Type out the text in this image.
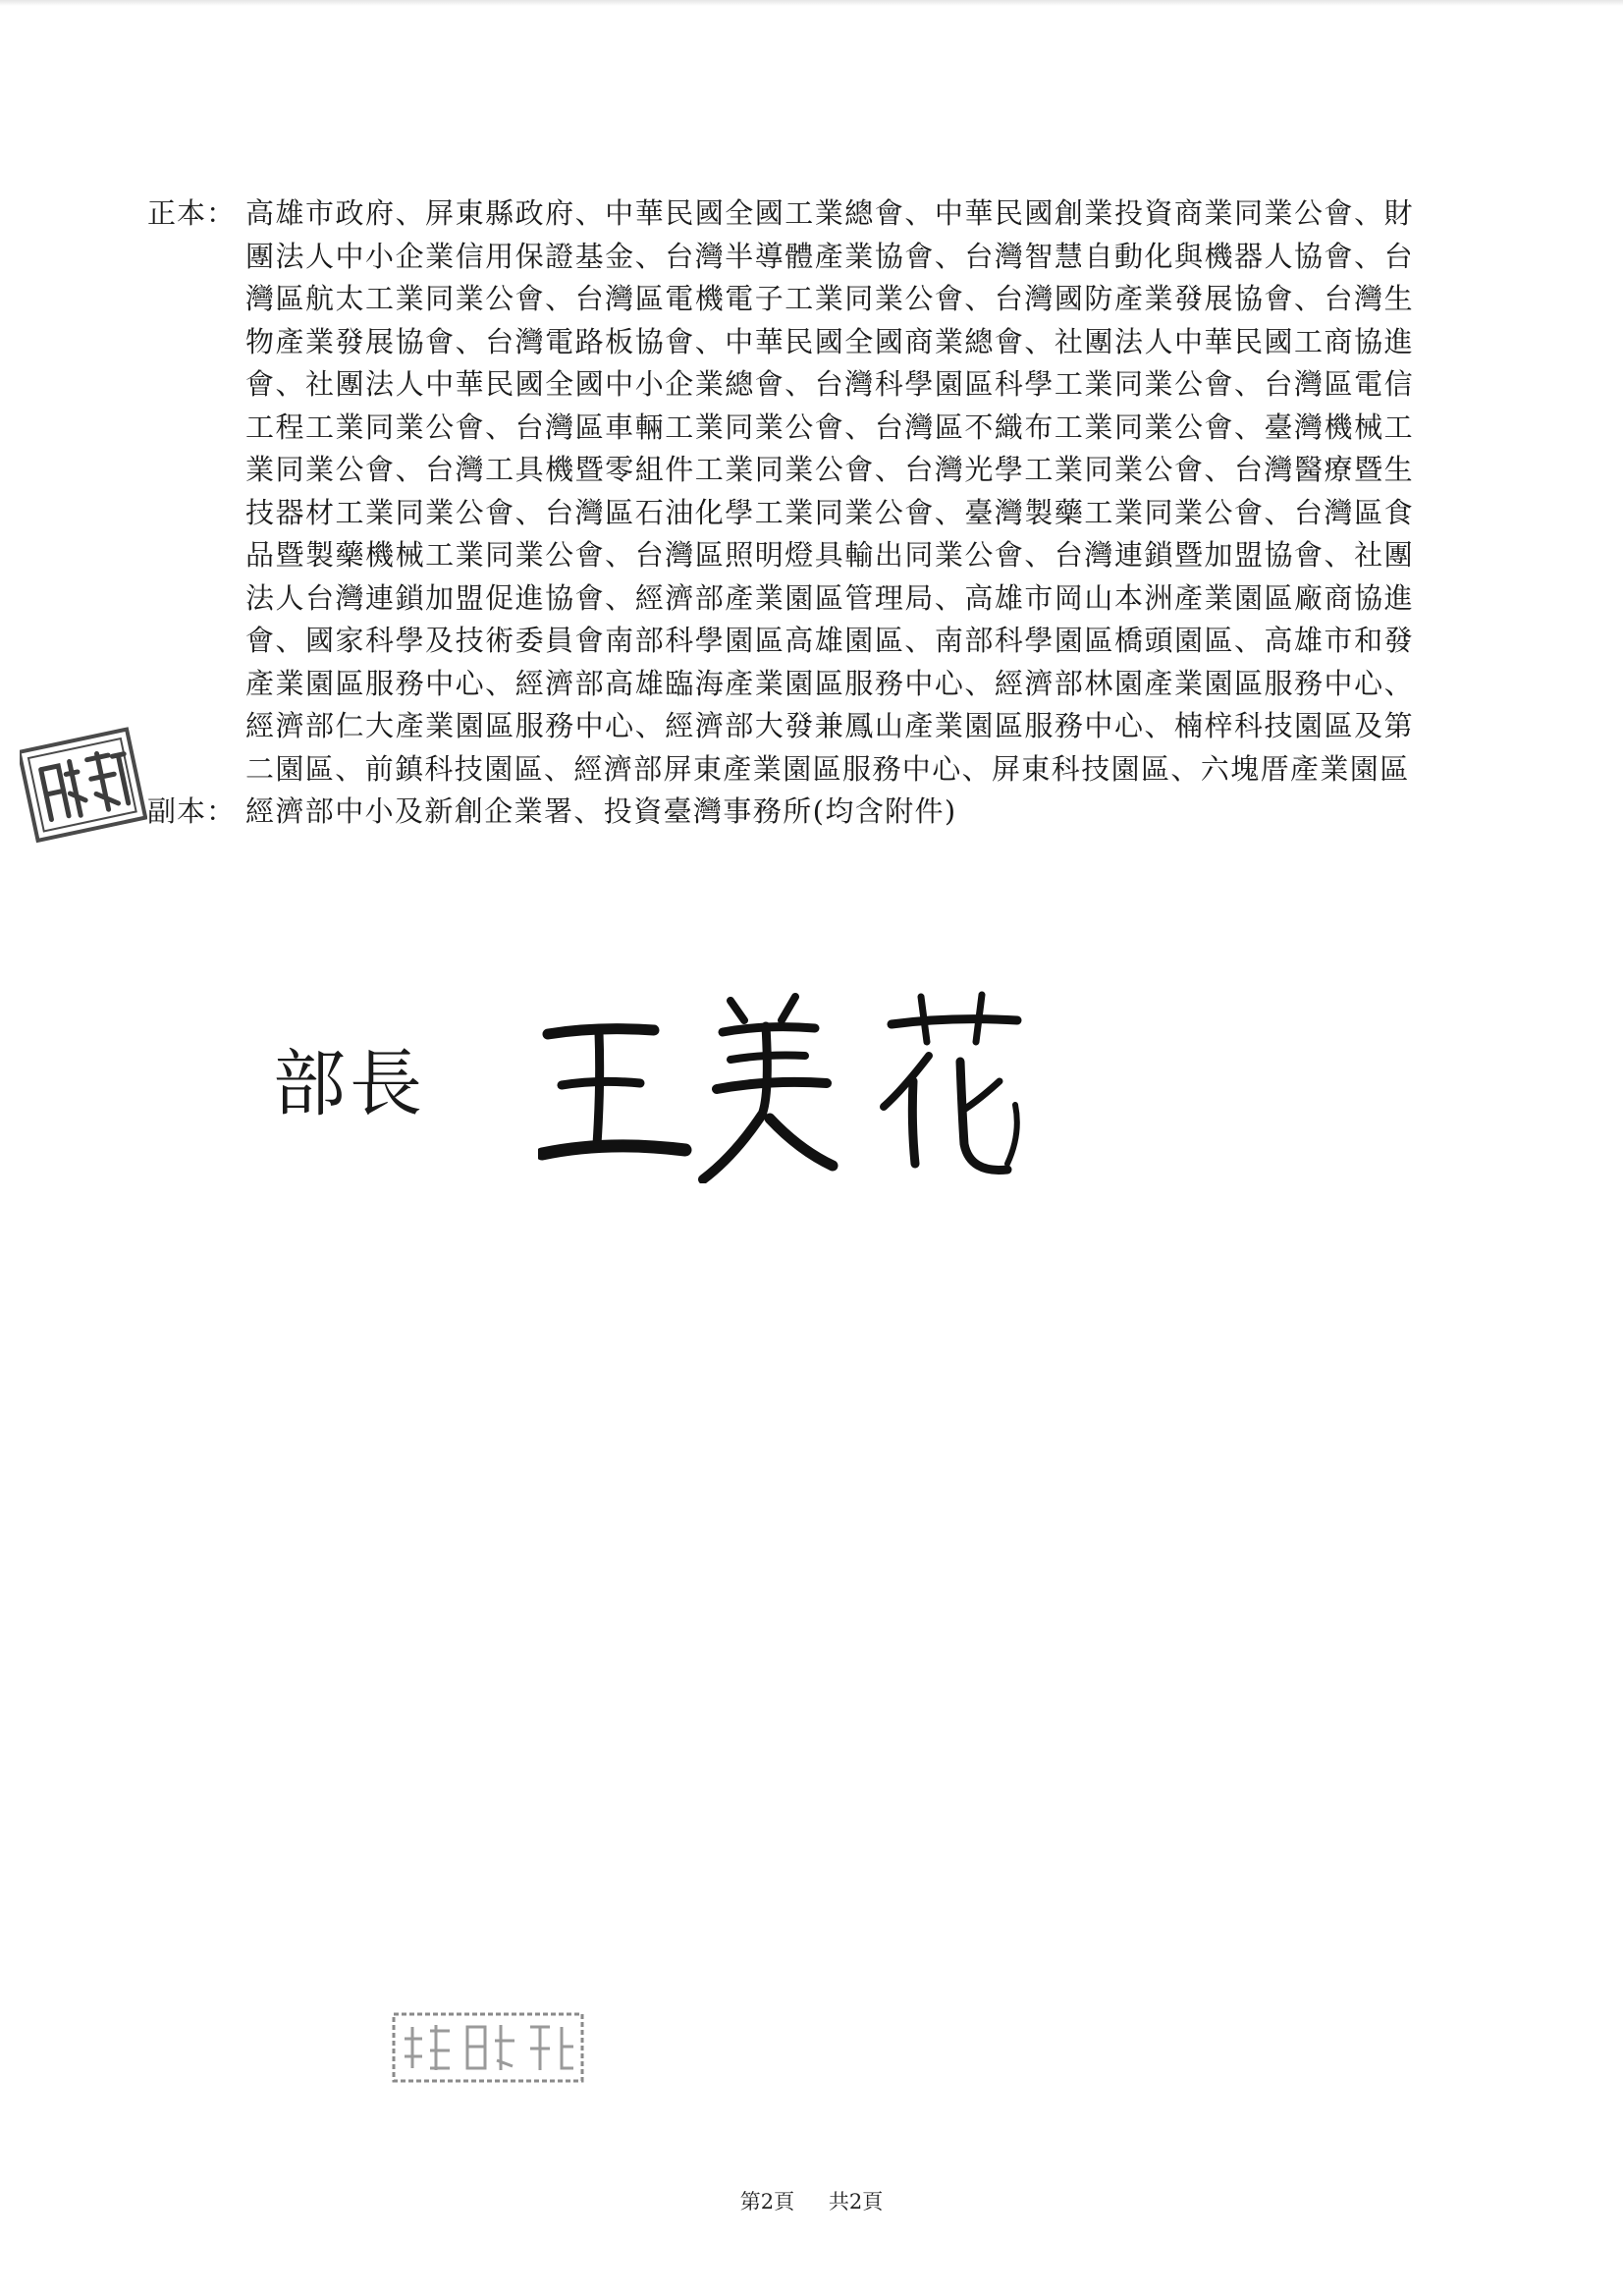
正本： 高雄市政府、屏東縣政府、中華民國全國工業總會、中華民國創業投資商業同業公會、財團法人中小企業信用保證基金、台灣半導體產業協會、台灣智慧自動化與機器人協會、台灣區航太工業同業公會、台灣區電機電子工業同業公會、台灣國防產業發展協會、台灣生物產業發展協會、台灣電路板協會、中華民國全國商業總會、社團法人中華民國工商協進會、社團法人中華民國全國中小企業總會、台灣科學園區科學工業同業公會、台灣區電信工程工業同業公會、台灣區車輛工業同業公會、台灣區不織布工業同業公會、臺灣機械工業同業公會、台灣工具機暨零組件工業同業公會、台灣光學工業同業公會、台灣醫療暨生技器材工業同業公會、台灣區石油化學工業同業公會、臺灣製藥工業同業公會、台灣區食品暨製藥機械工業同業公會、台灣區照明燈具輸出同業公會、台灣連鎖暨加盟協會、社團法人台灣連鎖加盟促進協會、經濟部產業園區管理局、高雄市岡山本洲產業園區廠商協進會、國家科學及技術委員會南部科學園區高雄園區、南部科學園區橋頭園區、高雄市和發產業園區服務中心、經濟部高雄臨海產業園區服務中心、經濟部林園產業園區服務中心、經濟部仁大產業園區服務中心、經濟部大發兼鳳山產業園區服務中心、楠梓科技園區及第二園區、前鎮科技園區、經濟部屏東產業園區服務中心、屏東科技園區、六塊厝產業園區
副本： 經濟部中小及新創企業署、投資臺灣事務所(均含附件)
部長
第2頁 共2頁
